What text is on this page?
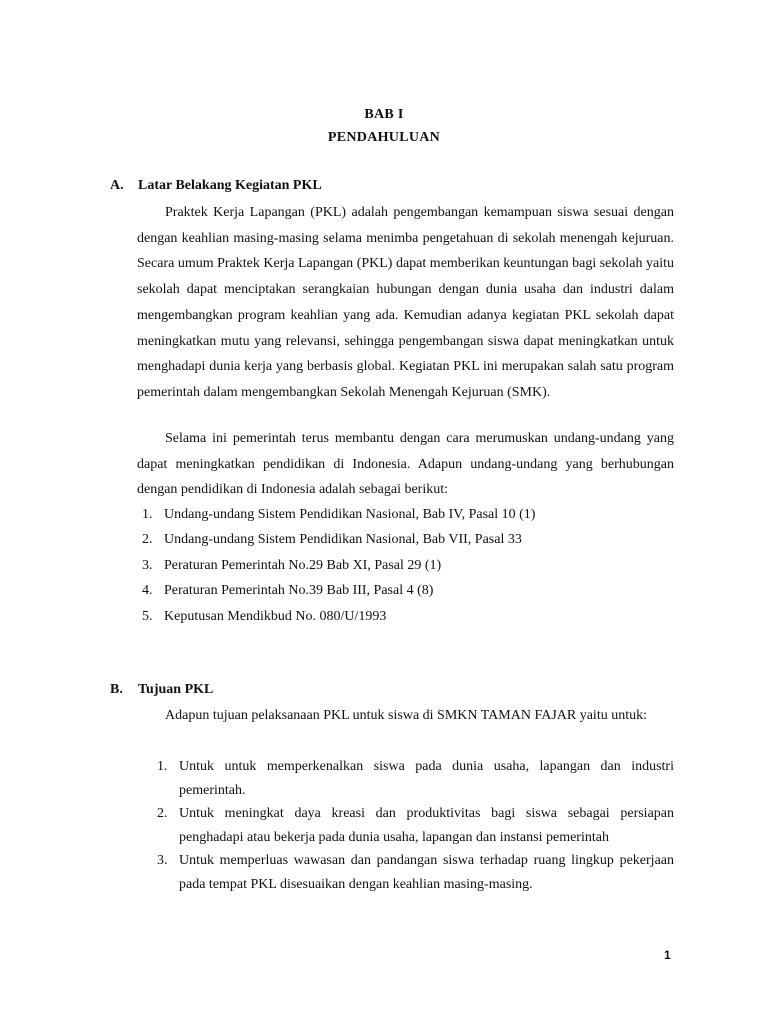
BAB I
PENDAHULUAN
A. Latar Belakang Kegiatan PKL

Praktek Kerja Lapangan (PKL) adalah pengembangan kemampuan siswa sesuai dengan dengan keahlian masing-masing selama menimba pengetahuan di sekolah menengah kejuruan. Secara umum Praktek Kerja Lapangan (PKL) dapat memberikan keuntungan bagi sekolah yaitu sekolah dapat menciptakan serangkaian hubungan dengan dunia usaha dan industri dalam mengembangkan program keahlian yang ada. Kemudian adanya kegiatan PKL sekolah dapat meningkatkan mutu yang relevansi, sehingga pengembangan siswa dapat meningkatkan untuk menghadapi dunia kerja yang berbasis global. Kegiatan PKL ini merupakan salah satu program pemerintah dalam mengembangkan Sekolah Menengah Kejuruan (SMK).

Selama ini pemerintah terus membantu dengan cara merumuskan undang-undang yang dapat meningkatkan pendidikan di Indonesia. Adapun undang-undang yang berhubungan dengan pendidikan di Indonesia adalah sebagai berikut:

1. Undang-undang Sistem Pendidikan Nasional, Bab IV, Pasal 10 (1)
2. Undang-undang Sistem Pendidikan Nasional, Bab VII, Pasal 33
3. Peraturan Pemerintah No.29 Bab XI, Pasal 29 (1)
4. Peraturan Pemerintah No.39 Bab III, Pasal 4 (8)
5. Keputusan Mendikbud No. 080/U/1993
B. Tujuan PKL

Adapun tujuan pelaksanaan PKL untuk siswa di SMKN TAMAN FAJAR yaitu untuk:

1. Untuk untuk memperkenalkan siswa pada dunia usaha, lapangan dan industri pemerintah.
2. Untuk meningkat daya kreasi dan produktivitas bagi siswa sebagai persiapan penghadapi atau bekerja pada dunia usaha, lapangan dan instansi pemerintah
3. Untuk memperluas wawasan dan pandangan siswa terhadap ruang lingkup pekerjaan pada tempat PKL disesuaikan dengan keahlian masing-masing.
1
